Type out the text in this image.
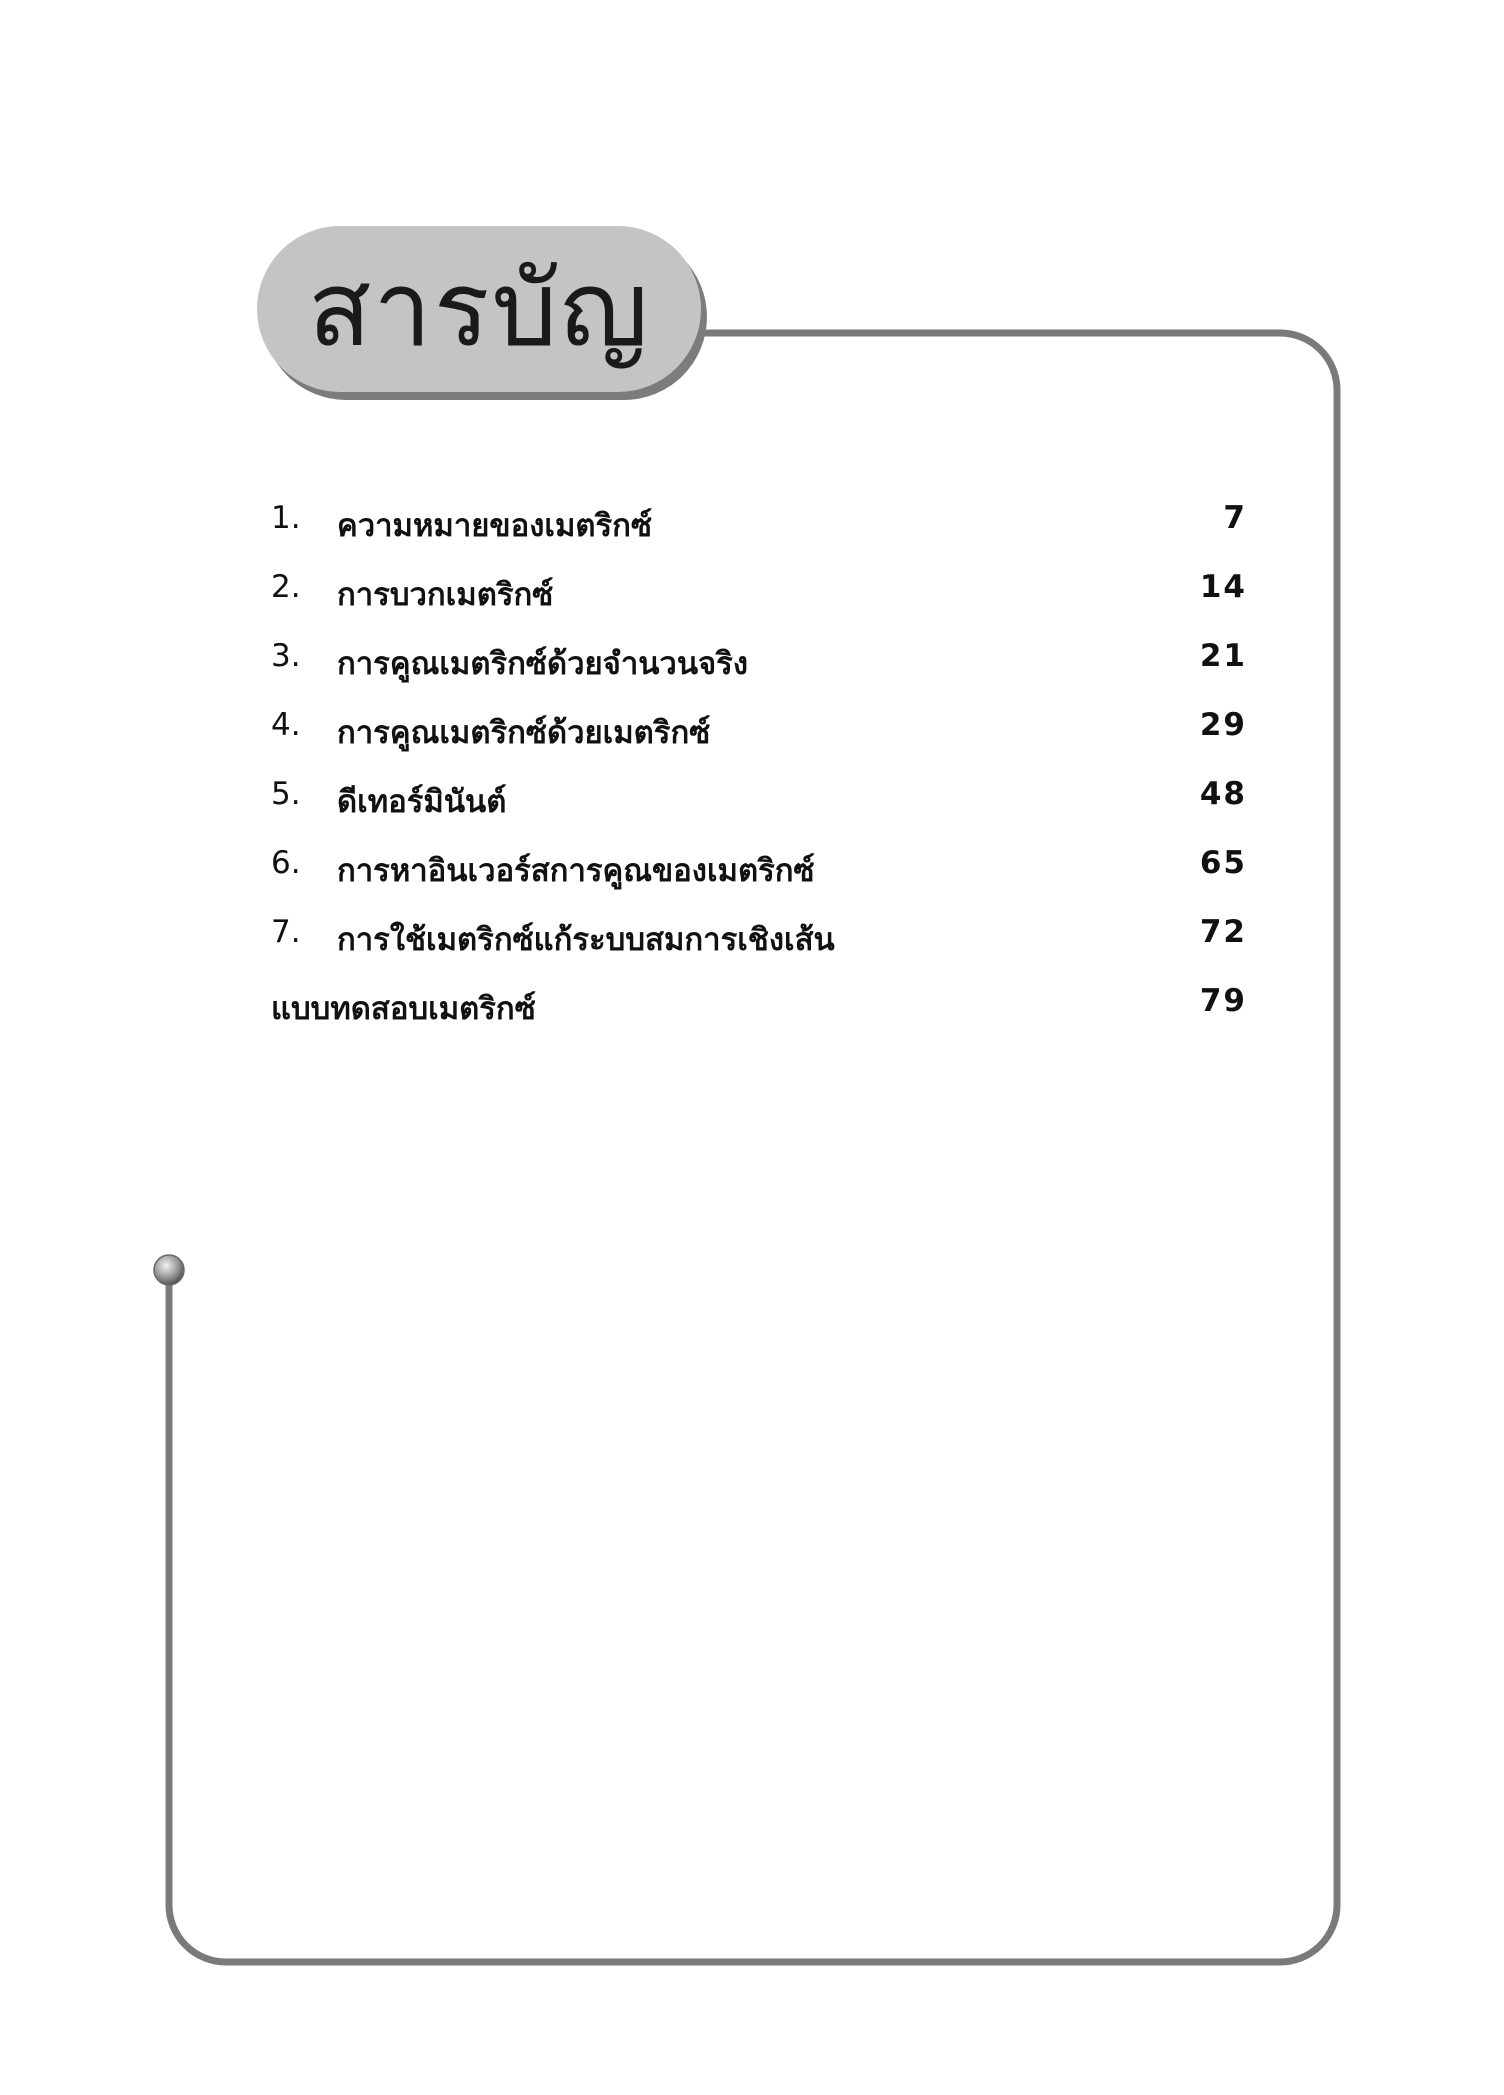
สารบัญ
1.	ความหมายของเมตริกซ์	7
2.	การบวกเมตริกซ์	14
3.	การคูณเมตริกซ์ด้วยจำนวนจริง	21
4.	การคูณเมตริกซ์ด้วยเมตริกซ์	29
5.	ดีเทอร์มินันต์	48
6.	การหาอินเวอร์สการคูณของเมตริกซ์	65
7.	การใช้เมตริกซ์แก้ระบบสมการเชิงเส้น	72
แบบทดสอบเมตริกซ์	79
